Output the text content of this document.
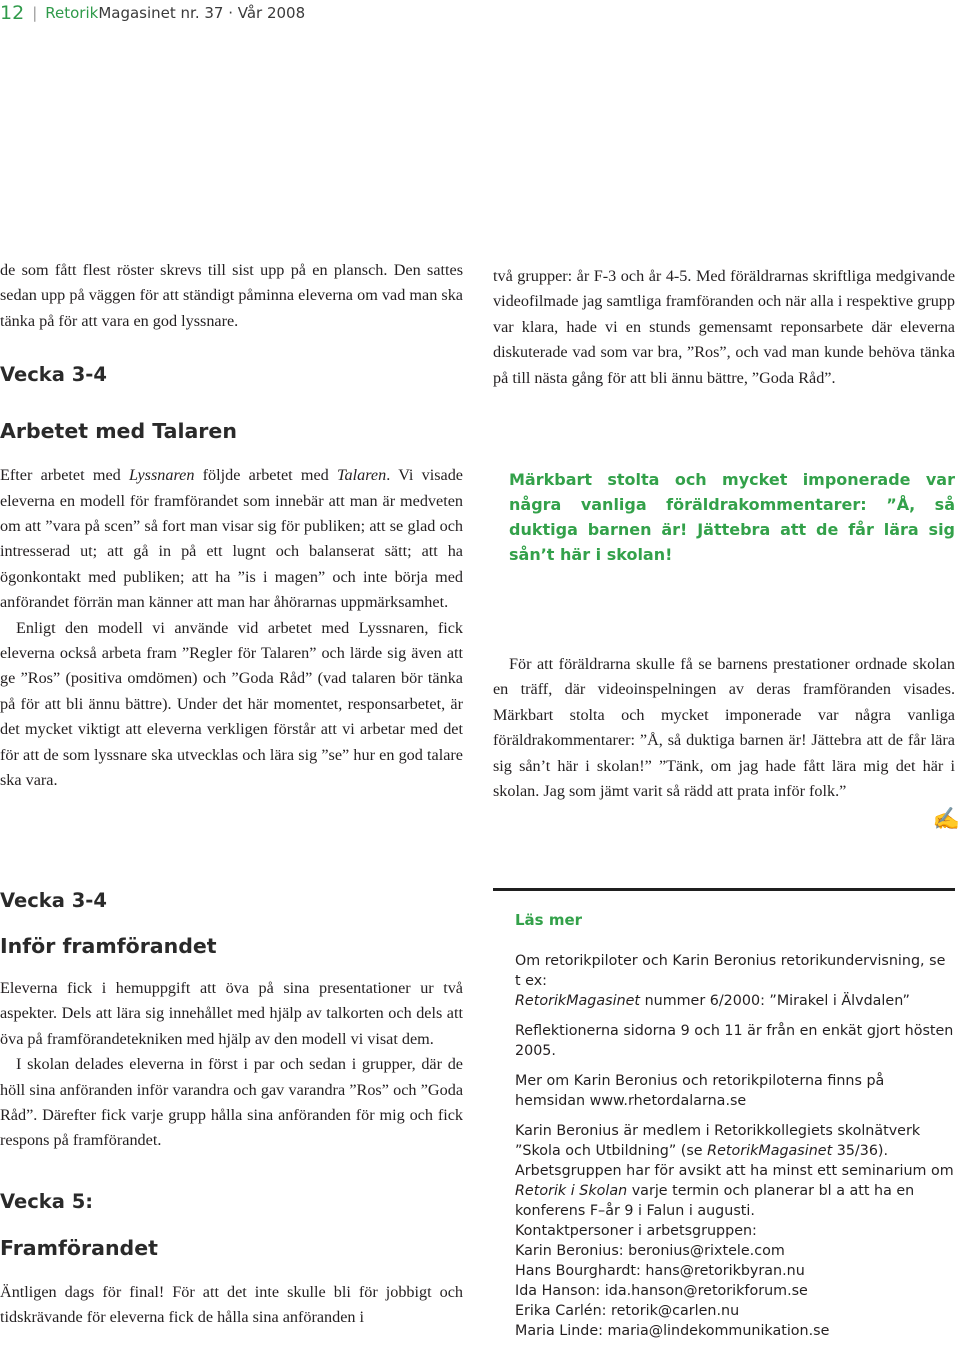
12 | RetorikMagasinet nr. 37 · Vår 2008

de som fått flest röster skrevs till sist upp på en plansch. Den sattes sedan upp på väggen för att ständigt påminna eleverna om vad man ska tänka på för att vara en god lyssnare.

Vecka 3-4
Arbetet med Talaren

Efter arbetet med Lyssnaren följde arbetet med Talaren. Vi visade eleverna en modell för framförandet som innebär att man är medveten om att ”vara på scen” så fort man visar sig för publiken; att se glad och intresserad ut; att gå in på ett lugnt och balanserat sätt; att ha ögonkontakt med publiken; att ha ”is i magen” och inte börja med anförandet förrän man känner att man har åhörarnas uppmärksamhet.

Enligt den modell vi använde vid arbetet med Lyssnaren, fick eleverna också arbeta fram ”Regler för Talaren” och lärde sig även att ge ”Ros” (positiva omdömen) och ”Goda Råd” (vad talaren bör tänka på för att bli ännu bättre). Under det här momentet, responsarbetet, är det mycket viktigt att eleverna verkligen förstår att vi arbetar med det för att de som lyssnare ska utvecklas och lära sig ”se” hur en god talare ska vara.

två grupper: år F-3 och år 4-5. Med föräldrarnas skriftliga medgivande videofilmade jag samtliga framföranden och när alla i respektive grupp var klara, hade vi en stunds gemensamt reponsarbete där eleverna diskuterade vad som var bra, ”Ros”, och vad man kunde behöva tänka på till nästa gång för att bli ännu bättre, ”Goda Råd”.

Märkbart stolta och mycket imponerade var några vanliga föräldrakommentarer: ”Å, så duktiga barnen är! Jättebra att de får lära sig sån’t här i skolan!

För att föräldrarna skulle få se barnens prestationer ordnade skolan en träff, där videoinspelningen av deras framföranden visades. Märkbart stolta och mycket imponerade var några vanliga föräldrakommentarer: ”Å, så duktiga barnen är! Jättebra att de får lära sig sån’t här i skolan!” ”Tänk, om jag hade fått lära mig det här i skolan. Jag som jämt varit så rädd att prata inför folk.”

✍
Vecka 3-4
Inför framförandet

Eleverna fick i hemuppgift att öva på sina presentationer ur två aspekter. Dels att lära sig innehållet med hjälp av talkorten och dels att öva på framförandetekniken med hjälp av den modell vi visat dem.

I skolan delades eleverna in först i par och sedan i grupper, där de höll sina anföranden inför varandra och gav varandra ”Ros” och ”Goda Råd”. Därefter fick varje grupp hålla sina anföranden för mig och fick respons på framförandet.

Vecka 5:
Framförandet

Äntligen dags för final! För att det inte skulle bli för jobbigt och tidskrävande för eleverna fick de hålla sina anföranden i

Läs mer

Om retorikpiloter och Karin Beronius retorikundervisning, se t ex:
RetorikMagasinet nummer 6/2000: ”Mirakel i Älvdalen”

Reflektionerna sidorna 9 och 11 är från en enkät gjort hösten 2005.

Mer om Karin Beronius och retorikpiloterna finns på hemsidan www.rhetordalarna.se

Karin Beronius är medlem i Retorikkollegiets skolnätverk ”Skola och Utbildning” (se RetorikMagasinet 35/36).
Arbetsgruppen har för avsikt att ha minst ett seminarium om Retorik i Skolan varje termin och planerar bl a att ha en konferens F–år 9 i Falun i augusti.

Kontaktpersoner i arbetsgruppen:

Karin Beronius: beronius@rixtele.com

Hans Bourghardt: hans@retorikbyran.nu

Ida Hanson: ida.hanson@retorikforum.se

Erika Carlén: retorik@carlen.nu

Maria Linde: maria@lindekommunikation.se
